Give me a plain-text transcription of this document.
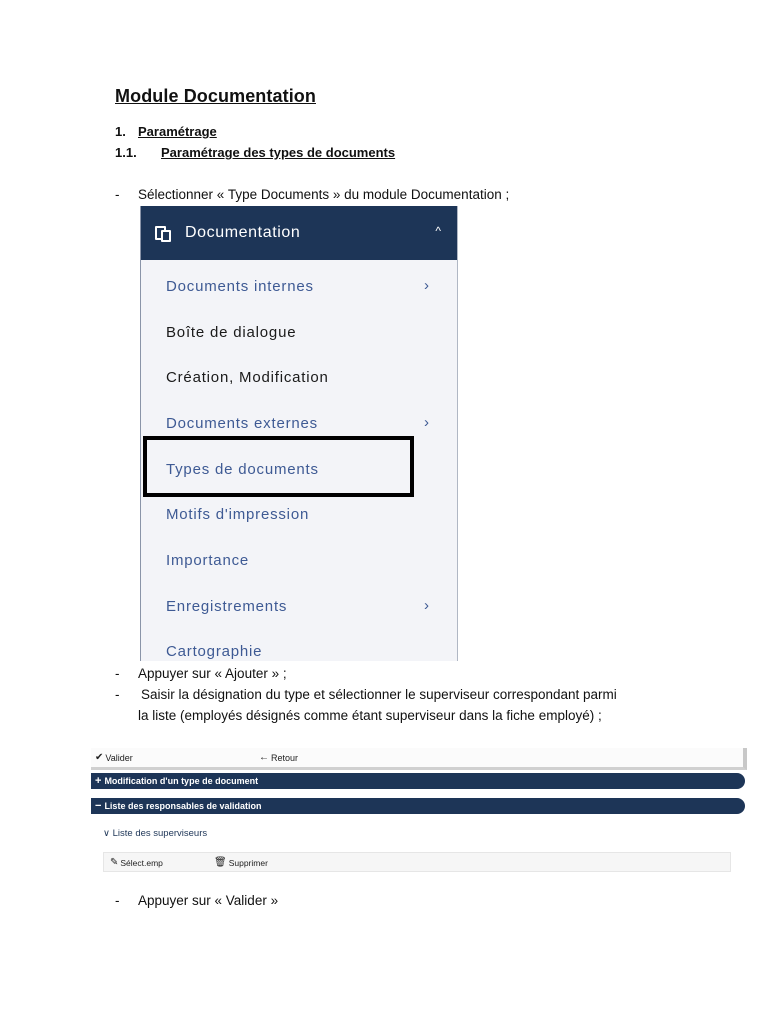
Module Documentation
1. Paramétrage
1.1. Paramétrage des types de documents
- Sélectionner « Type Documents » du module Documentation ;
Documentation	^
Documents internes	›
Boîte de dialogue
Création, Modification
Documents externes	›
Types de documents
Motifs d'impression
Importance
Enregistrements	›
Cartographie
- Appuyer sur « Ajouter » ;
- Saisir la désignation du type et sélectionner le superviseur correspondant parmi
la liste (employés désignés comme étant superviseur dans la fiche employé) ;
✔ Valider	← Retour
+ Modification d'un type de document
− Liste des responsables de validation
∨ Liste des superviseurs
✎ Sélect.emp	🗑 Supprimer
- Appuyer sur « Valider »
